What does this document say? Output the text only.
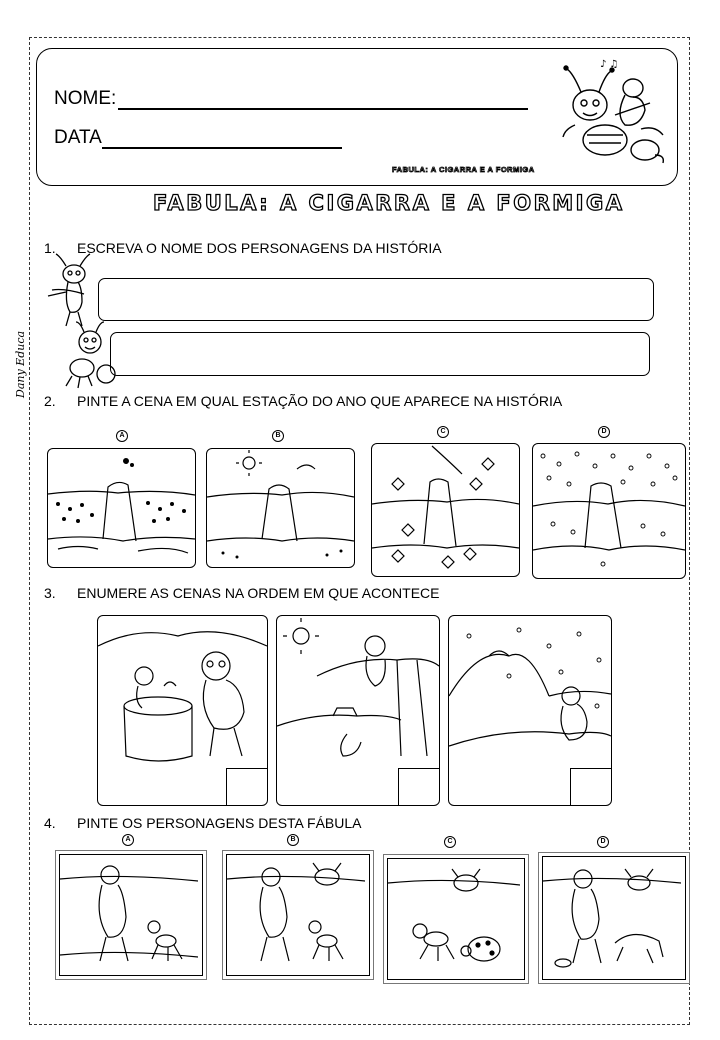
NOME:
DATA
FABULA: A CIGARRA E A FORMIGA
♪ ♫
FABULA: A CIGARRA E A FORMIGA
Dany Educa
1. ESCREVA O NOME DOS PERSONAGENS DA HISTÓRIA
2. PINTE A CENA EM QUAL ESTAÇÃO DO ANO QUE APARECE NA HISTÓRIA
A	B
C	D
3. ENUMERE AS CENAS NA ORDEM EM QUE ACONTECE
4. PINTE OS PERSONAGENS DESTA FÁBULA
A	B	C	D
